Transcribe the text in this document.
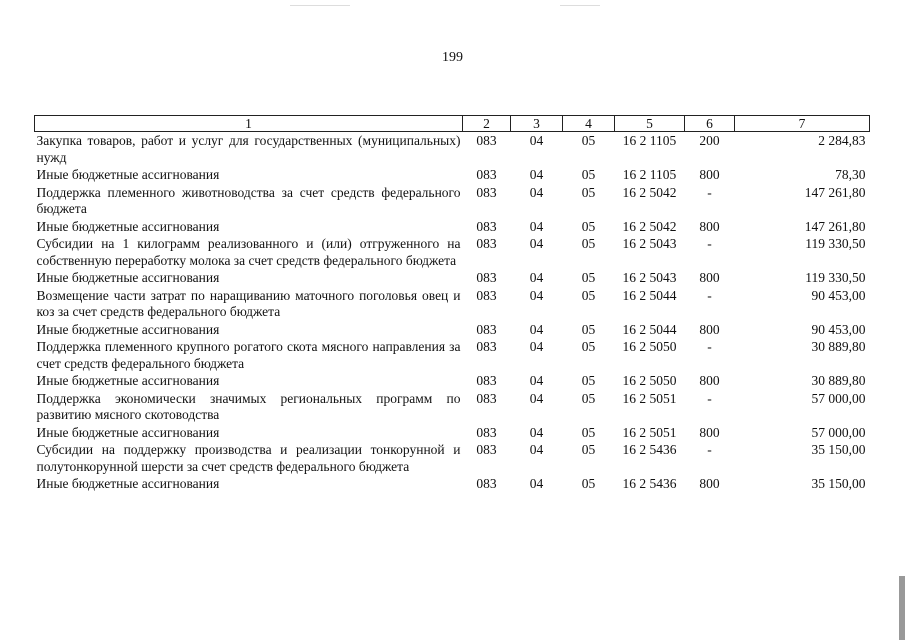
199
1	2	3	4	5	6	7
Закупка товаров, работ и услуг для государственных (муниципальных) нужд	083	04	05	16 2 1105	200	2 284,83
Иные бюджетные ассигнования	083	04	05	16 2 1105	800	78,30
Поддержка племенного животноводства за счет средств федерального бюджета	083	04	05	16 2 5042	-	147 261,80
Иные бюджетные ассигнования	083	04	05	16 2 5042	800	147 261,80
Субсидии на 1 килограмм реализованного и (или) отгруженного на собственную переработку молока за счет средств федерального бюджета	083	04	05	16 2 5043	-	119 330,50
Иные бюджетные ассигнования	083	04	05	16 2 5043	800	119 330,50
Возмещение части затрат по наращиванию маточного поголовья овец и коз за счет средств федерального бюджета	083	04	05	16 2 5044	-	90 453,00
Иные бюджетные ассигнования	083	04	05	16 2 5044	800	90 453,00
Поддержка племенного крупного рогатого скота мясного направления за счет средств федерального бюджета	083	04	05	16 2 5050	-	30 889,80
Иные бюджетные ассигнования	083	04	05	16 2 5050	800	30 889,80
Поддержка экономически значимых региональных программ по развитию мясного скотоводства	083	04	05	16 2 5051	-	57 000,00
Иные бюджетные ассигнования	083	04	05	16 2 5051	800	57 000,00
Субсидии на поддержку производства и реализации тонкорунной и полутонкорунной шерсти за счет средств федерального бюджета	083	04	05	16 2 5436	-	35 150,00
Иные бюджетные ассигнования	083	04	05	16 2 5436	800	35 150,00
